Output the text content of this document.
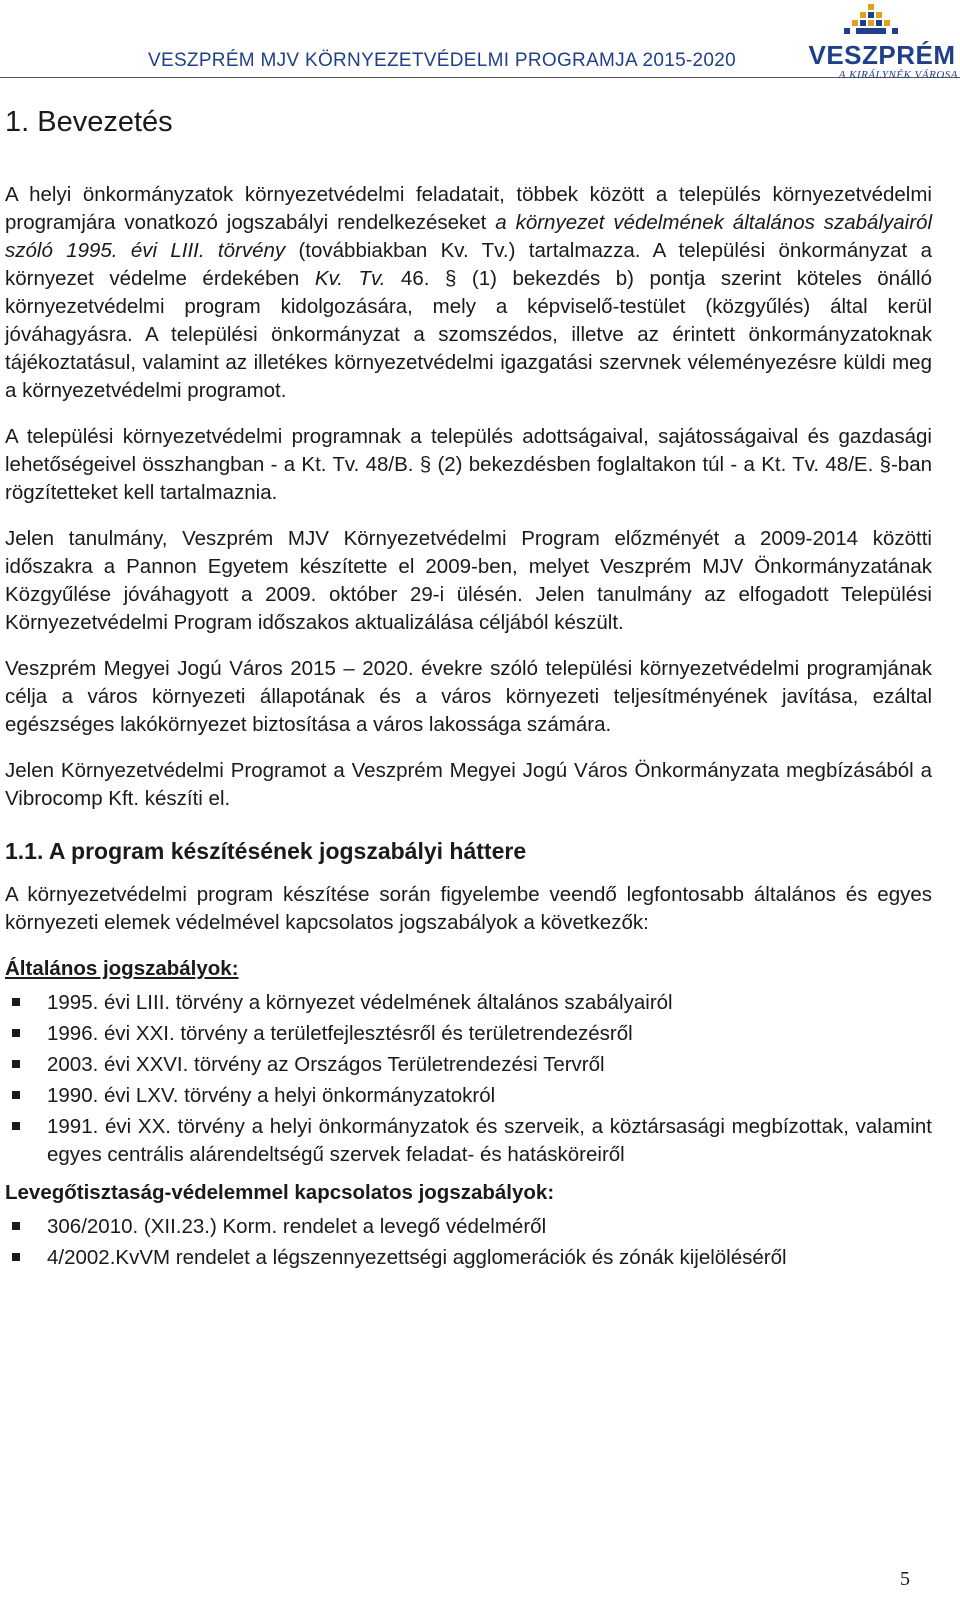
VESZPRÉM MJV KÖRNYEZETVÉDELMI PROGRAMJA 2015-2020	VESZPRÉM
A KIRÁLYNÉK VÁROSA
1. Bevezetés

A helyi önkormányzatok környezetvédelmi feladatait, többek között a település környezetvédelmi programjára vonatkozó jogszabályi rendelkezéseket a környezet védelmének általános szabályairól szóló 1995. évi LIII. törvény (továbbiakban Kv. Tv.) tartalmazza. A települési önkormányzat a környezet védelme érdekében Kv. Tv. 46. § (1) bekezdés b) pontja szerint köteles önálló környezetvédelmi program kidolgozására, mely a képviselő-testület (közgyűlés) által kerül jóváhagyásra. A települési önkormányzat a szomszédos, illetve az érintett önkormányzatoknak tájékoztatásul, valamint az illetékes környezetvédelmi igazgatási szervnek véleményezésre küldi meg a környezetvédelmi programot.

A települési környezetvédelmi programnak a település adottságaival, sajátosságaival és gazdasági lehetőségeivel összhangban - a Kt. Tv. 48/B. § (2) bekezdésben foglaltakon túl - a Kt. Tv. 48/E. §-ban rögzítetteket kell tartalmaznia.

Jelen tanulmány, Veszprém MJV Környezetvédelmi Program előzményét a 2009-2014 közötti időszakra a Pannon Egyetem készítette el 2009-ben, melyet Veszprém MJV Önkormányzatának Közgyűlése jóváhagyott a 2009. október 29-i ülésén. Jelen tanulmány az elfogadott Települési Környezetvédelmi Program időszakos aktualizálása céljából készült.

Veszprém Megyei Jogú Város 2015 – 2020. évekre szóló települési környezetvédelmi programjának célja a város környezeti állapotának és a város környezeti teljesítményének javítása, ezáltal egészséges lakókörnyezet biztosítása a város lakossága számára.

Jelen Környezetvédelmi Programot a Veszprém Megyei Jogú Város Önkormányzata megbízásából a Vibrocomp Kft. készíti el.

1.1. A program készítésének jogszabályi háttere

A környezetvédelmi program készítése során figyelembe veendő legfontosabb általános és egyes környezeti elemek védelmével kapcsolatos jogszabályok a következők:

Általános jogszabályok:
1995. évi LIII. törvény a környezet védelmének általános szabályairól
1996. évi XXI. törvény a területfejlesztésről és területrendezésről
2003. évi XXVI. törvény az Országos Területrendezési Tervről
1990. évi LXV. törvény a helyi önkormányzatokról
1991. évi XX. törvény a helyi önkormányzatok és szerveik, a köztársasági megbízottak, valamint egyes centrális alárendeltségű szervek feladat- és hatásköreiről
Levegőtisztaság-védelemmel kapcsolatos jogszabályok:
306/2010. (XII.23.) Korm. rendelet a levegő védelméről
4/2002.KvVM rendelet a légszennyezettségi agglomerációk és zónák kijelöléséről
5
